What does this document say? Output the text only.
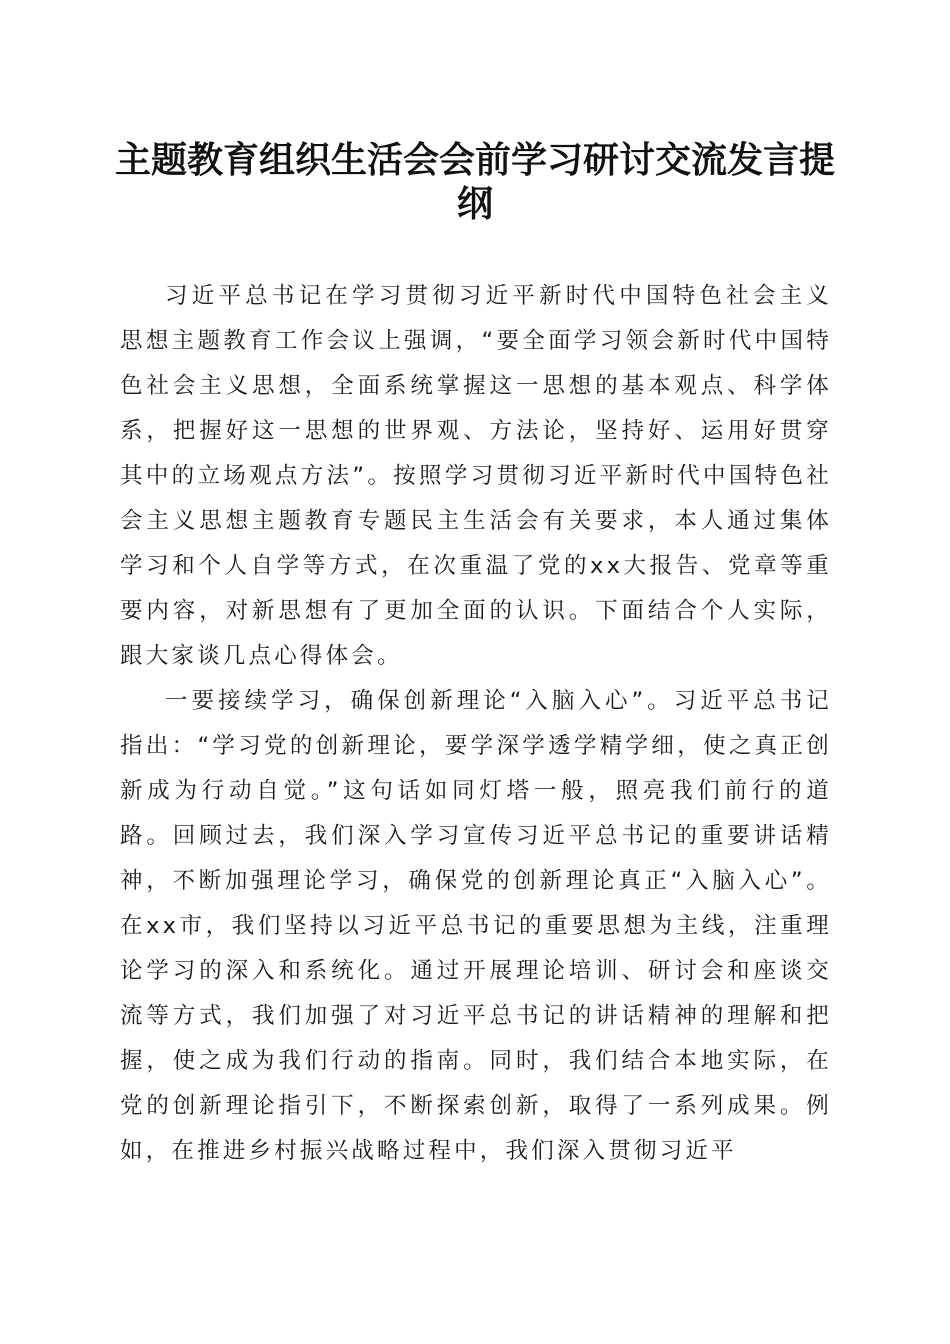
主题教育组织生活会会前学习研讨交流发言提纲

习近平总书记在学习贯彻习近平新时代中国特色社会主义思想主题教育工作会议上强调，“要全面学习领会新时代中国特色社会主义思想，全面系统掌握这一思想的基本观点、科学体系，把握好这一思想的世界观、方法论，坚持好、运用好贯穿其中的立场观点方法”。按照学习贯彻习近平新时代中国特色社会主义思想主题教育专题民主生活会有关要求，本人通过集体学习和个人自学等方式，在次重温了党的xx大报告、党章等重要内容，对新思想有了更加全面的认识。下面结合个人实际，跟大家谈几点心得体会。

一要接续学习，确保创新理论“入脑入心”。习近平总书记指出：“学习党的创新理论，要学深学透学精学细，使之真正创新成为行动自觉。”这句话如同灯塔一般，照亮我们前行的道路。回顾过去，我们深入学习宣传习近平总书记的重要讲话精神，不断加强理论学习，确保党的创新理论真正“入脑入心”。在xx市，我们坚持以习近平总书记的重要思想为主线，注重理论学习的深入和系统化。通过开展理论培训、研讨会和座谈交流等方式，我们加强了对习近平总书记的讲话精神的理解和把握，使之成为我们行动的指南。同时，我们结合本地实际，在党的创新理论指引下，不断探索创新，取得了一系列成果。例如，在推进乡村振兴战略过程中，我们深入贯彻习近平
